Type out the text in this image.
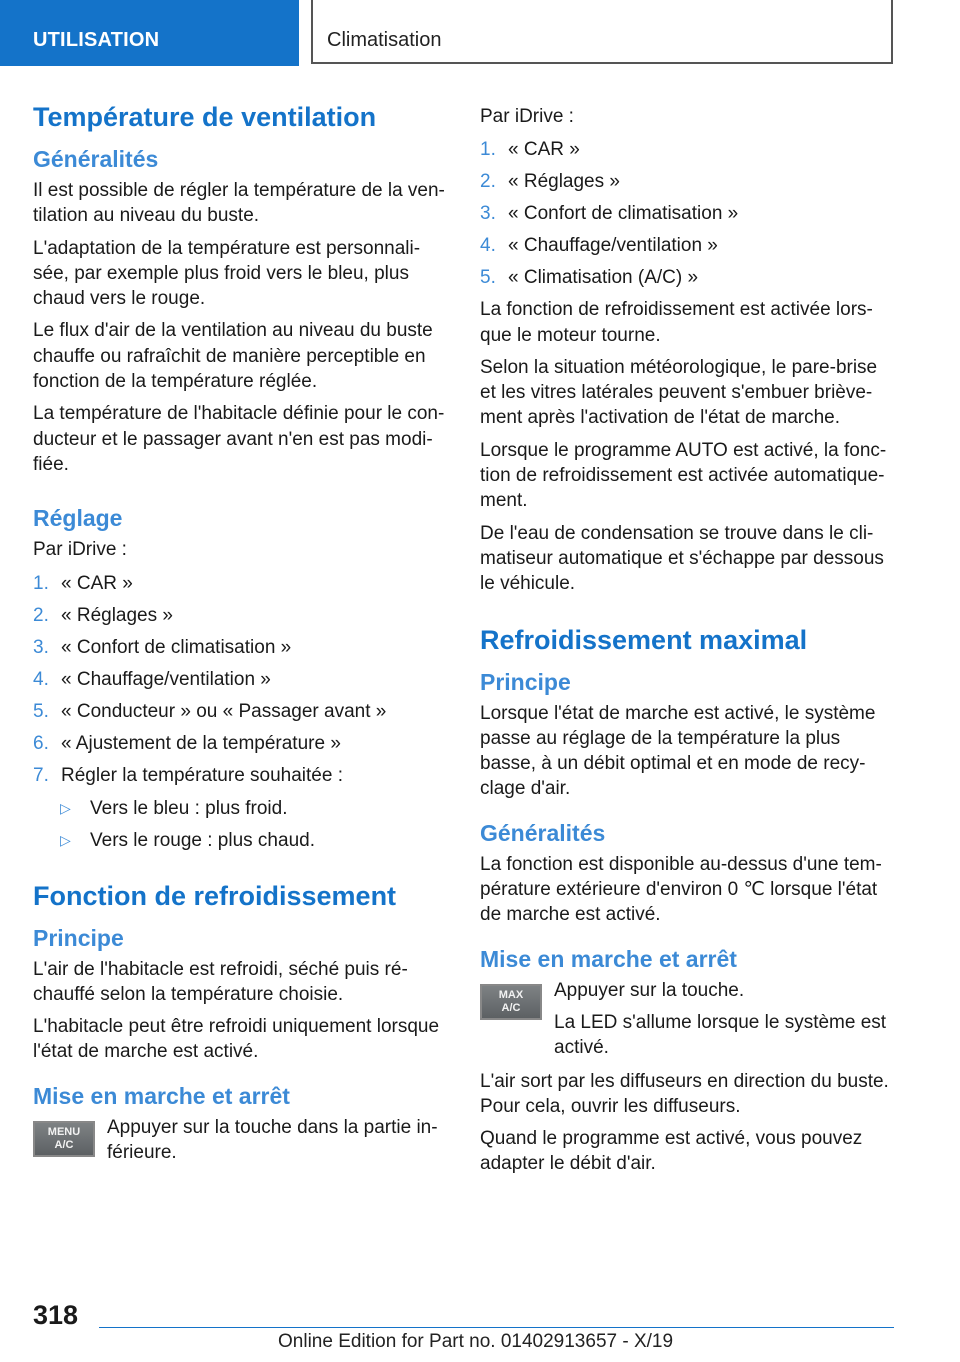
UTILISATION	Climatisation
Température de ventilation
Généralités

Il est possible de régler la température de la ven-tilation au niveau du buste.

L'adaptation de la température est personnali-sée, par exemple plus froid vers le bleu, plus chaud vers le rouge.

Le flux d'air de la ventilation au niveau du buste chauffe ou rafraîchit de manière perceptible en fonction de la température réglée.

La température de l'habitacle définie pour le con-ducteur et le passager avant n'en est pas modi-fiée.

Réglage

Par iDrive :

1. « CAR »
2. « Réglages »
3. « Confort de climatisation »
4. « Chauffage/ventilation »
5. « Conducteur » ou « Passager avant »
6. « Ajustement de la température »
7. Régler la température souhaitée :
▷ Vers le bleu : plus froid.
▷ Vers le rouge : plus chaud.
Fonction de refroidissement
Principe

L'air de l'habitacle est refroidi, séché puis ré-chauffé selon la température choisie.

L'habitacle peut être refroidi uniquement lorsque l'état de marche est activé.

Mise en marche et arrêt
MENU
A/C

Appuyer sur la touche dans la partie in-férieure.

Par iDrive :

1. « CAR »
2. « Réglages »
3. « Confort de climatisation »
4. « Chauffage/ventilation »
5. « Climatisation (A/C) »

La fonction de refroidissement est activée lors-que le moteur tourne.

Selon la situation météorologique, le pare-brise et les vitres latérales peuvent s'embuer briève-ment après l'activation de l'état de marche.

Lorsque le programme AUTO est activé, la fonc-tion de refroidissement est activée automatique-ment.

De l'eau de condensation se trouve dans le cli-matiseur automatique et s'échappe par dessous le véhicule.

Refroidissement maximal
Principe

Lorsque l'état de marche est activé, le système passe au réglage de la température la plus basse, à un débit optimal et en mode de recy-clage d'air.

Généralités

La fonction est disponible au-dessus d'une tem-pérature extérieure d'environ 0 ℃ lorsque l'état de marche est activé.

Mise en marche et arrêt
MAX
A/C

Appuyer sur la touche.

La LED s'allume lorsque le système est activé.

L'air sort par les diffuseurs en direction du buste. Pour cela, ouvrir les diffuseurs.

Quand le programme est activé, vous pouvez adapter le débit d'air.

318
Online Edition for Part no. 01402913657 - X/19
